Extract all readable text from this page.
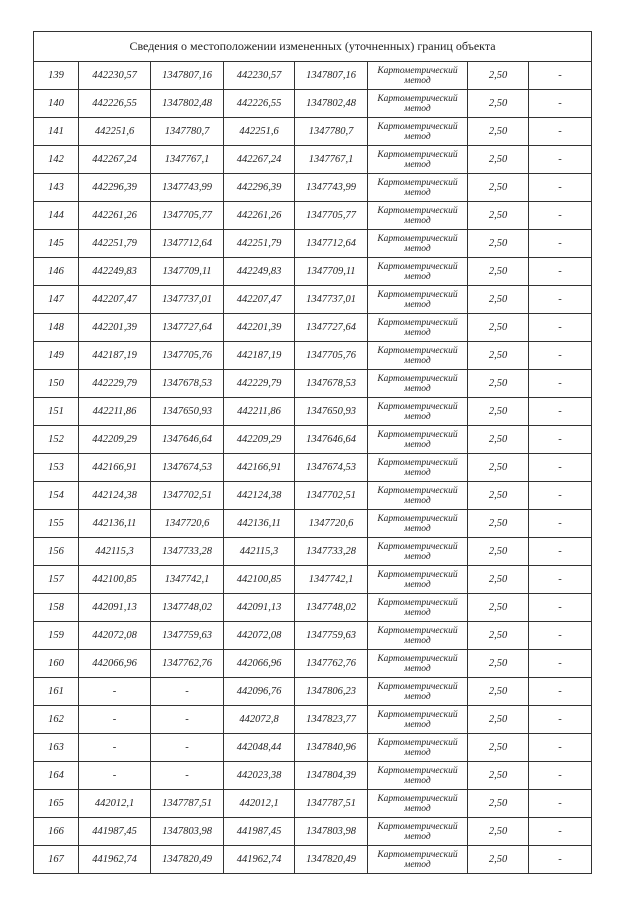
Сведения о местоположении измененных (уточненных) границ объекта							
139	442230,57	1347807,16	442230,57	1347807,16	Картометрический метод	2,50	-
140	442226,55	1347802,48	442226,55	1347802,48	Картометрический метод	2,50	-
141	442251,6	1347780,7	442251,6	1347780,7	Картометрический метод	2,50	-
142	442267,24	1347767,1	442267,24	1347767,1	Картометрический метод	2,50	-
143	442296,39	1347743,99	442296,39	1347743,99	Картометрический метод	2,50	-
144	442261,26	1347705,77	442261,26	1347705,77	Картометрический метод	2,50	-
145	442251,79	1347712,64	442251,79	1347712,64	Картометрический метод	2,50	-
146	442249,83	1347709,11	442249,83	1347709,11	Картометрический метод	2,50	-
147	442207,47	1347737,01	442207,47	1347737,01	Картометрический метод	2,50	-
148	442201,39	1347727,64	442201,39	1347727,64	Картометрический метод	2,50	-
149	442187,19	1347705,76	442187,19	1347705,76	Картометрический метод	2,50	-
150	442229,79	1347678,53	442229,79	1347678,53	Картометрический метод	2,50	-
151	442211,86	1347650,93	442211,86	1347650,93	Картометрический метод	2,50	-
152	442209,29	1347646,64	442209,29	1347646,64	Картометрический метод	2,50	-
153	442166,91	1347674,53	442166,91	1347674,53	Картометрический метод	2,50	-
154	442124,38	1347702,51	442124,38	1347702,51	Картометрический метод	2,50	-
155	442136,11	1347720,6	442136,11	1347720,6	Картометрический метод	2,50	-
156	442115,3	1347733,28	442115,3	1347733,28	Картометрический метод	2,50	-
157	442100,85	1347742,1	442100,85	1347742,1	Картометрический метод	2,50	-
158	442091,13	1347748,02	442091,13	1347748,02	Картометрический метод	2,50	-
159	442072,08	1347759,63	442072,08	1347759,63	Картометрический метод	2,50	-
160	442066,96	1347762,76	442066,96	1347762,76	Картометрический метод	2,50	-
161	-	-	442096,76	1347806,23	Картометрический метод	2,50	-
162	-	-	442072,8	1347823,77	Картометрический метод	2,50	-
163	-	-	442048,44	1347840,96	Картометрический метод	2,50	-
164	-	-	442023,38	1347804,39	Картометрический метод	2,50	-
165	442012,1	1347787,51	442012,1	1347787,51	Картометрический метод	2,50	-
166	441987,45	1347803,98	441987,45	1347803,98	Картометрический метод	2,50	-
167	441962,74	1347820,49	441962,74	1347820,49	Картометрический метод	2,50	-
